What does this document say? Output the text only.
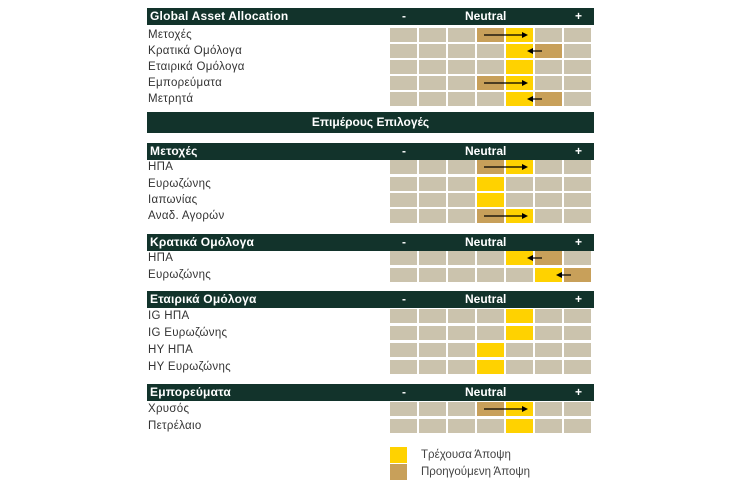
Global Asset Allocation	-	Neutral	+
Μετοχές
Κρατικά Ομόλογα
Εταιρικά Ομόλογα
Εμπορεύματα
Μετρητά
Επιμέρους Επιλογές
Μετοχές	-	Neutral	+
ΗΠΑ
Ευρωζώνης
Ιαπωνίας
Αναδ. Αγορών
Κρατικά Ομόλογα	-	Neutral	+
ΗΠΑ
Ευρωζώνης
Εταιρικά Ομόλογα	-	Neutral	+
IG ΗΠΑ
IG Ευρωζώνης
HY ΗΠΑ
HY Ευρωζώνης
Εμπορεύματα	-	Neutral	+
Χρυσός
Πετρέλαιο
Τρέχουσα Άποψη
Προηγούμενη Άποψη
